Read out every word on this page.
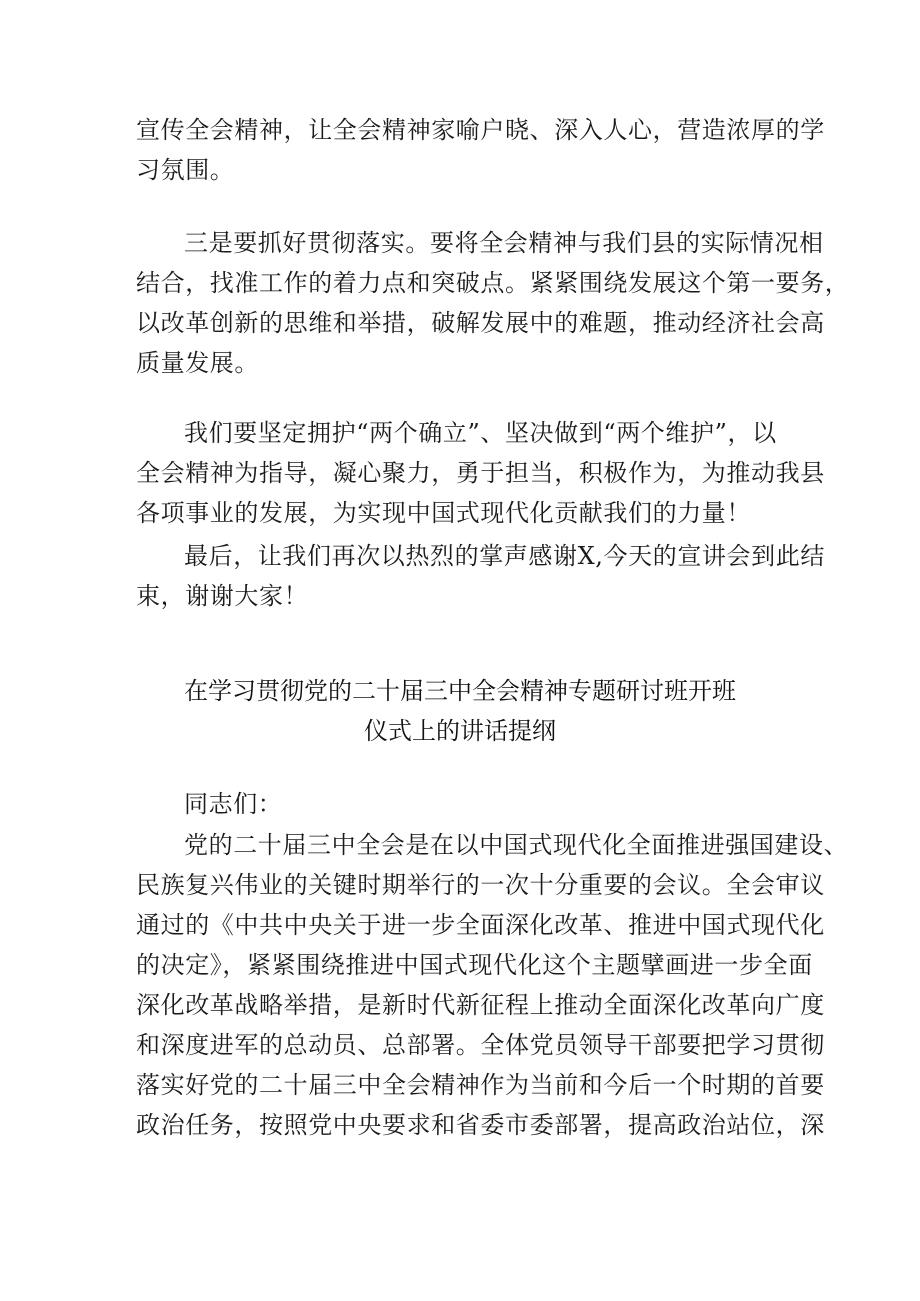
宣传全会精神，让全会精神家喻户晓、深入人心，营造浓厚的学
习氛围。
三是要抓好贯彻落实。要将全会精神与我们县的实际情况相
结合，找准工作的着力点和突破点。紧紧围绕发展这个第一要务，
以改革创新的思维和举措，破解发展中的难题，推动经济社会高
质量发展。
我们要坚定拥护“两个确立”、坚决做到“两个维护”，以
全会精神为指导，凝心聚力，勇于担当，积极作为，为推动我县
各项事业的发展，为实现中国式现代化贡献我们的力量！
最后，让我们再次以热烈的掌声感谢X,今天的宣讲会到此结
束，谢谢大家！
在学习贯彻党的二十届三中全会精神专题研讨班开班
仪式上的讲话提纲
同志们：
党的二十届三中全会是在以中国式现代化全面推进强国建设、
民族复兴伟业的关键时期举行的一次十分重要的会议。全会审议
通过的《中共中央关于进一步全面深化改革、推进中国式现代化
的决定》，紧紧围绕推进中国式现代化这个主题擘画进一步全面
深化改革战略举措，是新时代新征程上推动全面深化改革向广度
和深度进军的总动员、总部署。全体党员领导干部要把学习贯彻
落实好党的二十届三中全会精神作为当前和今后一个时期的首要
政治任务，按照党中央要求和省委市委部署，提高政治站位，深
